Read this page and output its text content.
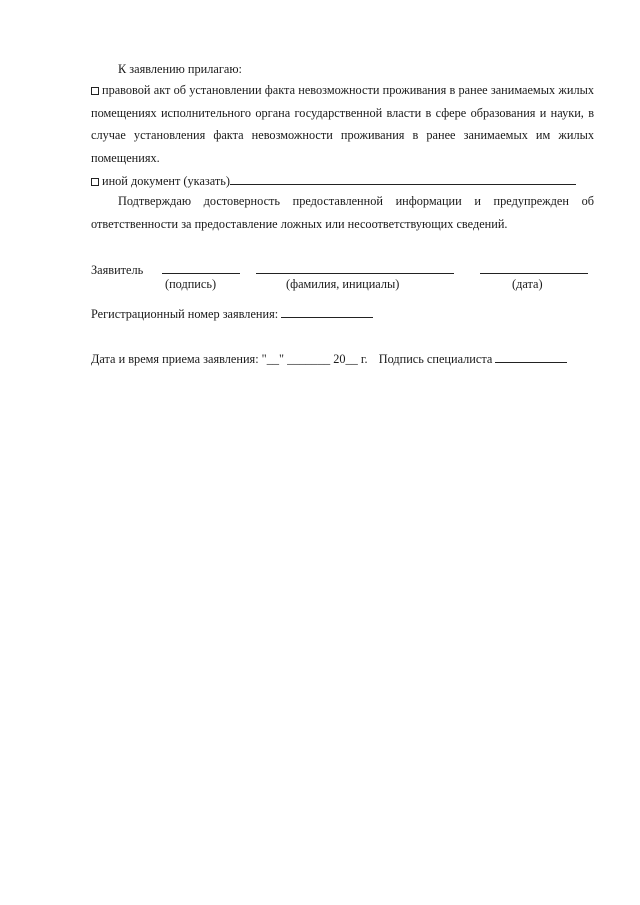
К заявлению прилагаю:
правовой акт об установлении факта невозможности проживания в ранее занимаемых жилых помещениях исполнительного органа государственной власти в сфере образования и науки, в случае установления факта невозможности проживания в ранее занимаемых им жилых помещениях.
иной документ (указать)
Подтверждаю достоверность предоставленной информации и предупрежден об ответственности за предоставление ложных или несоответствующих сведений.
Заявитель
(подпись)	(фамилия, инициалы)	(дата)
Регистрационный номер заявления:
Дата и время приема заявления: "__" _______ 20__ г. Подпись специалиста
